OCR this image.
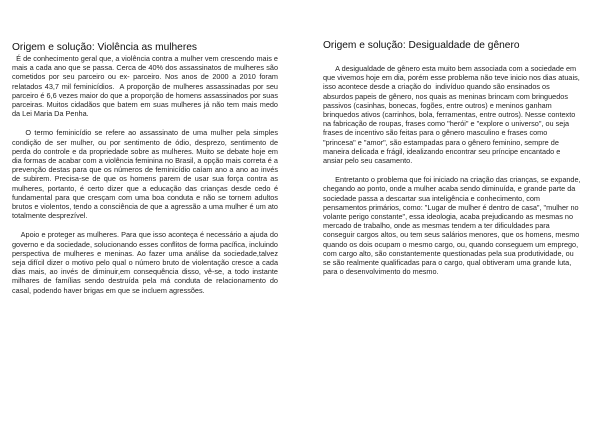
Origem e solução: Violência as mulheres

É de conhecimento geral que, a violência contra a mulher vem crescendo mais e mais a cada ano que se passa. Cerca de 40% dos assassinatos de mulheres são cometidos por seu parceiro ou ex- parceiro. Nos anos de 2000 a 2010 foram relatados 43,7 mil feminicídios.  A proporção de mulheres assassinadas por seu parceiro é 6,6 vezes maior do que a proporção de homens assassinados por suas parceiras. Muitos cidadãos que batem em suas mulheres já não tem mais medo da Lei Maria Da Penha.

O termo feminicídio se refere ao assassinato de uma mulher pela simples condição de ser mulher, ou por sentimento de ódio, desprezo, sentimento de perda do controle e da propriedade sobre as mulheres. Muito se debate hoje em dia formas de acabar com a violência feminina no Brasil, a opção mais correta é a prevenção destas para que os números de feminicídio caíam ano a ano ao invés de subirem. Precisa-se de que os homens parem de usar sua força contra as mulheres, portanto, é certo dizer que a educação das crianças desde cedo é fundamental para que cresçam com uma boa conduta e não se tornem adultos brutos e violentos, tendo a consciência de que a agressão a uma mulher é um ato totalmente desprezível.

Apoio e proteger as mulheres. Para que isso aconteça é necessário a ajuda do governo e da sociedade, solucionando esses conflitos de forma pacífica, incluindo perspectiva de mulheres e meninas. Ao fazer uma análise da sociedade,talvez seja difícil dizer o motivo pelo qual o número bruto de violentação cresce a cada dias mais, ao invés de diminuir,em consequência disso, vê-se, a todo instante milhares de famílias sendo destruída pela má conduta de relacionamento do casal, podendo haver brigas em que se incluem agressões.

Origem e solução: Desigualdade de gênero

A desigualdade de gênero esta muito bem associada com a sociedade em que vivemos hoje em dia, porém esse problema não teve inicio nos dias atuais, isso acontece desde a criação do  indivíduo quando são ensinados os absurdos papeis de gênero, nos quais as meninas brincam com bringuedos passivos (casinhas, bonecas, fogões, entre outros) e meninos ganham brinquedos ativos (carrinhos, bola, ferramentas, entre outros). Nesse contexto na fabricação de roupas, frases como "herói" e "explore o universo", ou seja frases de incentivo são feitas para o gênero masculino e frases como "princesa" e "amor", são estampadas para o gênero feminino, sempre de maneira delicada e frágil, idealizando encontrar seu príncipe encantado e ansiar pelo seu casamento.

Entretanto o problema que foi iniciado na criação das crianças, se expande, chegando ao ponto, onde a mulher acaba sendo diminuída, e grande parte da sociedade passa a descartar sua inteligência e conhecimento, com pensamentos primários, como: "Lugar de mulher é dentro de casa", "mulher no volante perigo constante", essa ideologia, acaba prejudicando as mesmas no mercado de trabalho, onde as mesmas tendem a ter dificuldades para conseguir cargos altos, ou tem seus salários menores, que os homens, mesmo quando os dois ocupam o mesmo cargo, ou, quando conseguem um emprego, com cargo alto, são constantemente questionadas pela sua produtividade, ou se são realmente qualificadas para o cargo, qual obtiveram uma grande luta, para o desenvolvimento do mesmo.
